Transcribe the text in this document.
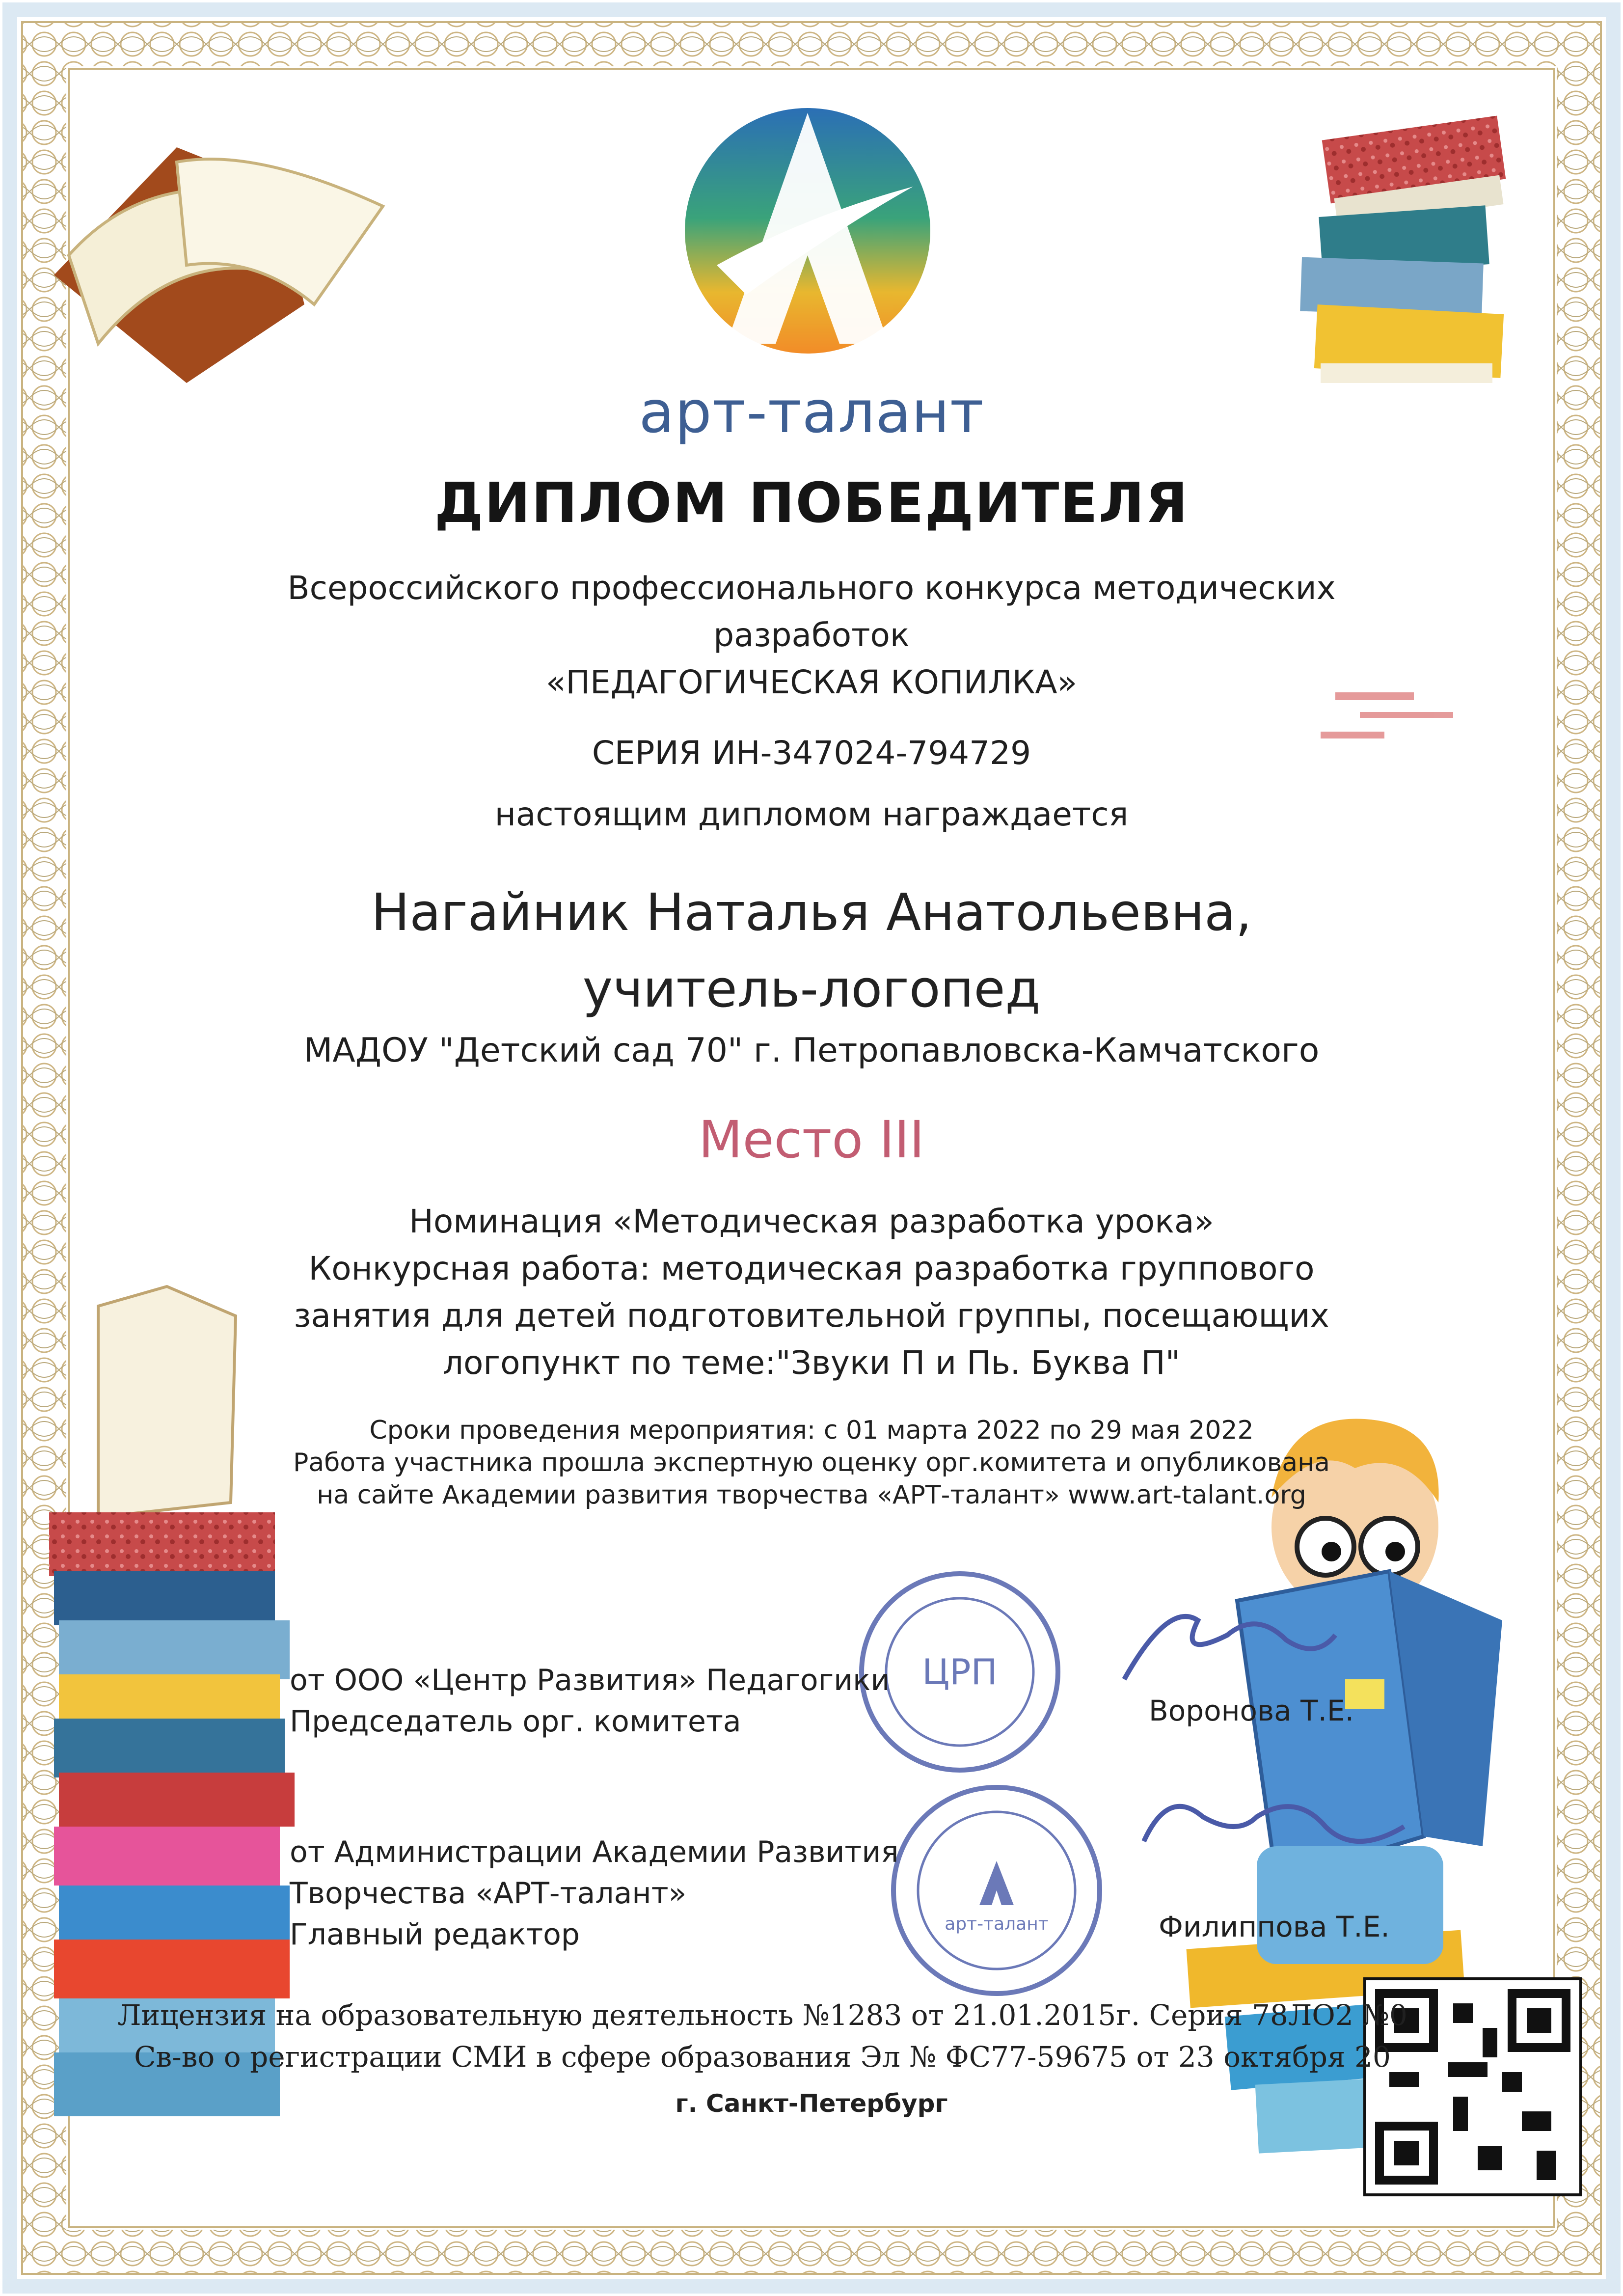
ЦРП
арт-талант
арт-талант
ДИПЛОМ ПОБЕДИТЕЛЯ
Всероссийского профессионального конкурса методических
разработок
«ПЕДАГОГИЧЕСКАЯ КОПИЛКА»
СЕРИЯ ИН-347024-794729
настоящим дипломом награждается
Нагайник Наталья Анатольевна,
учитель-логопед
МАДОУ "Детский сад 70" г. Петропавловска-Камчатского
Место III
Номинация «Методическая разработка урока»
Конкурсная работа: методическая разработка группового
занятия для детей подготовительной группы, посещающих
логопункт по теме:"Звуки П и Пь. Буква П"
Сроки проведения мероприятия: с 01 марта 2022 по 29 мая 2022
Работа участника прошла экспертную оценку орг.комитета и опубликована
на сайте Академии развития творчества «АРТ-талант» www.art-talant.org
от ООО «Центр Развития» Педагогики
Председатель орг. комитета	Воронова Т.Е.
от Администрации Академии Развития
Творчества «АРТ-талант»
Главный редактор	Филиппова Т.Е.
Лицензия на образовательную деятельность №1283 от 21.01.2015г. Серия 78ЛО2 №0
Св-во о регистрации СМИ в сфере образования Эл № ФС77-59675 от 23 октября 20
г. Санкт-Петербург
